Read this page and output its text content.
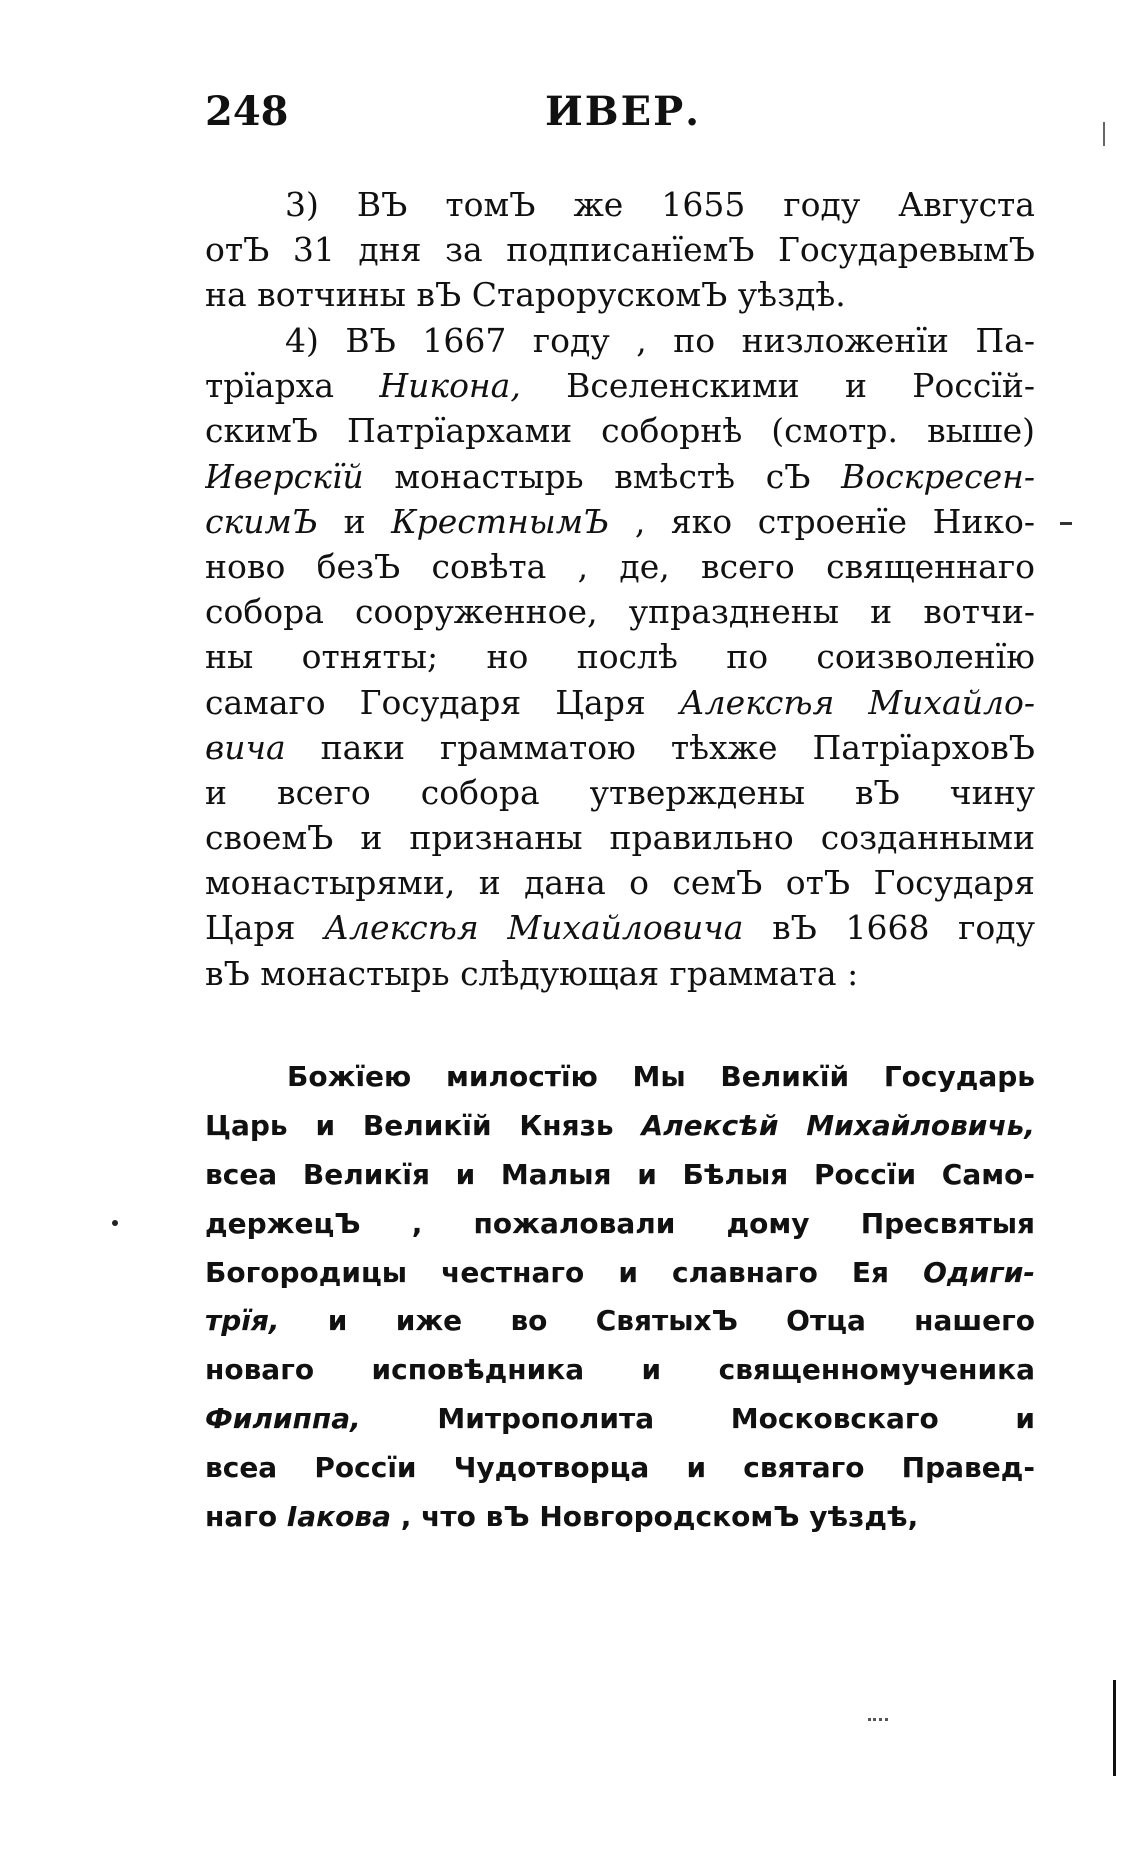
248	ИВЕР.
3) ВЪ томЪ же 1655 году Августа
отЪ 31 дня за подписанїемЪ ГосударевымЪ
на вотчины вЪ СтарорускомЪ уѣздѣ.
4) ВЪ 1667 году , по низложенїи Па-
трїарха Никона, Вселенскими и Россїй-
скимЪ Патрїархами соборнѣ (смотр. выше)
Иверскїй монастырь вмѣстѣ сЪ Воскресен-
скимЪ и КрестнымЪ , яко строенїе Нико-
ново безЪ совѣта , де, всего священнаго
собора сооруженное, упразднены и вотчи-
ны отняты; но послѣ по соизволенїю
самаго Государя Царя Алексѣя Михайло-
вича паки грамматою тѣхже ПатрїарховЪ
и всего собора утверждены вЪ чину
своемЪ и признаны правильно созданными
монастырями, и дана о семЪ отЪ Государя
Царя Алексѣя Михайловича вЪ 1668 году
вЪ монастырь слѣдующая граммата :
Божїею милостїю Мы Великїй Государь
Царь и Великїй Князь Алексѣй Михайловичь,
всеа Великїя и Малыя и Бѣлыя Россїи Само-
держецЪ , пожаловали дому Пресвятыя
Богородицы честнаго и славнаго Ея Одиги-
трїя, и иже во СвятыхЪ Отца нашего
новаго исповѣдника и священномученика
Филиппа, Митрополита Московскаго и
всеа Россїи Чудотворца и святаго Правед-
наго Iакова , что вЪ НовгородскомЪ уѣздѣ,
